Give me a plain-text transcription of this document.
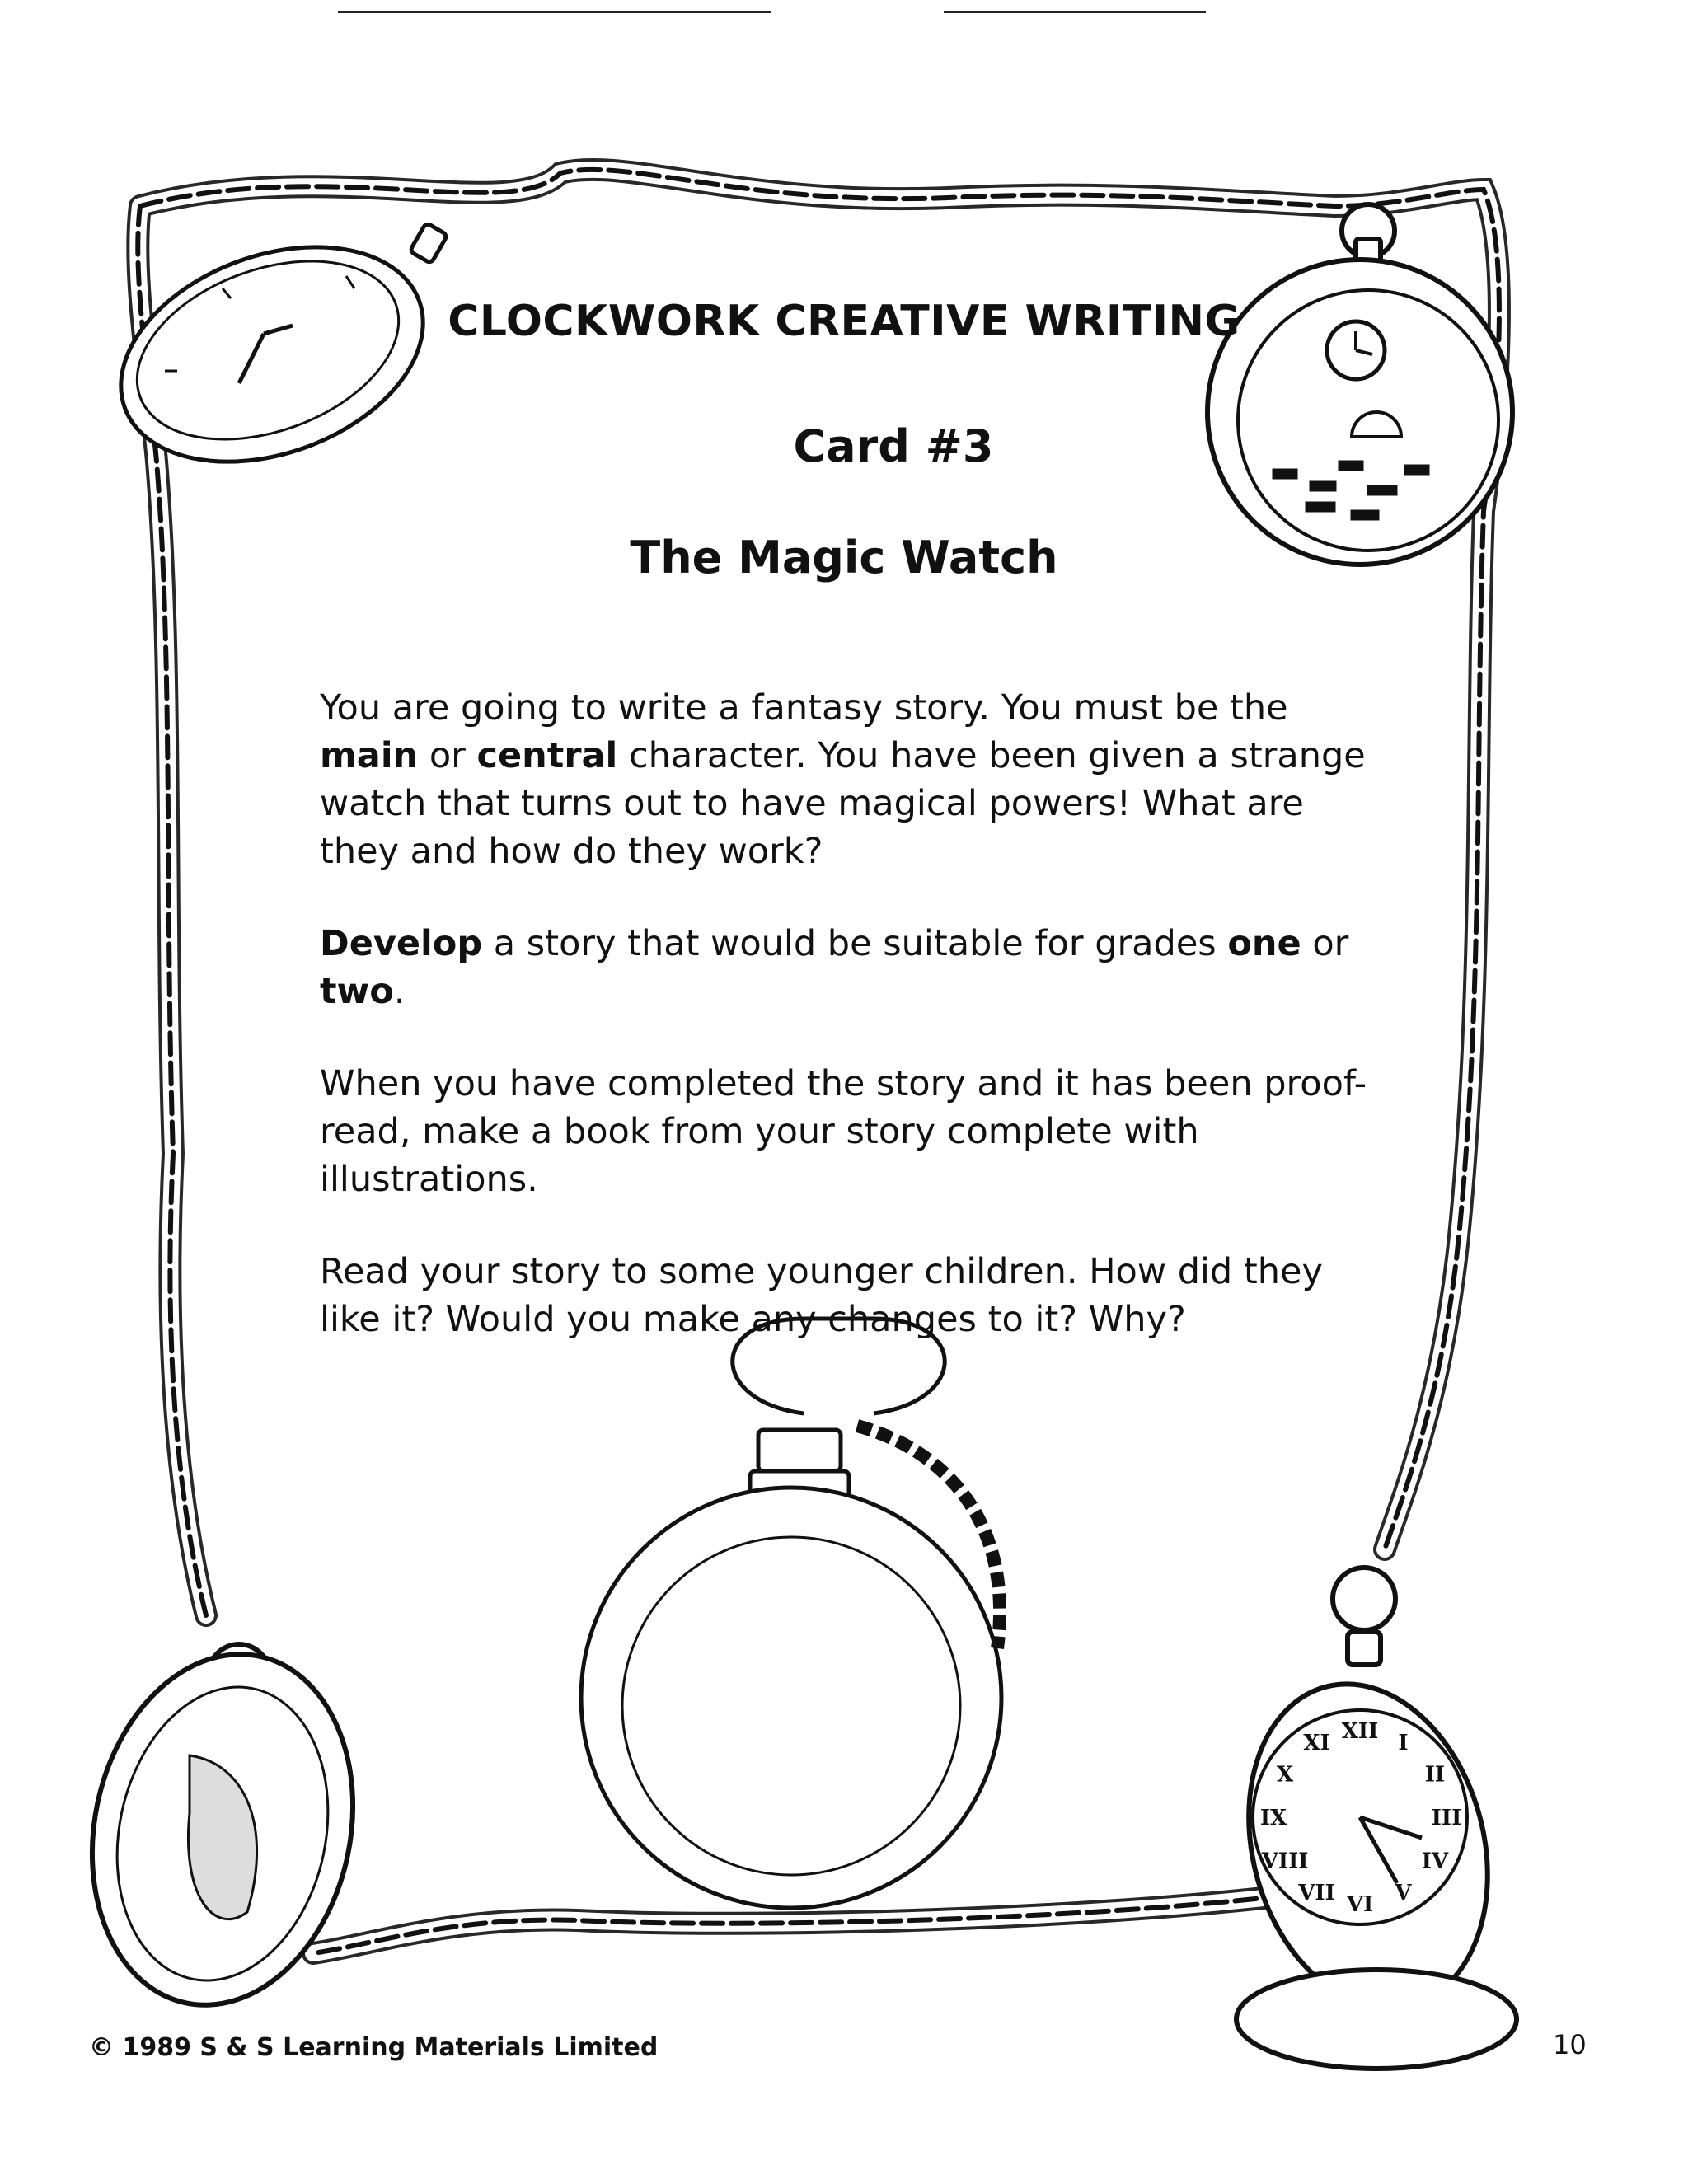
XII I
II
III
IV
V
VI
VII
VIII
IX
X
XI
CLOCKWORK CREATIVE WRITING
Card #3
The Magic Watch

You are going to write a fantasy story. You must be the main or central character. You have been given a strange watch that turns out to have magical powers! What are they and how do they work?

Develop a story that would be suitable for grades one or two.

When you have completed the story and it has been proof-read, make a book from your story complete with illustrations.

Read your story to some younger children. How did they like it? Would you make any changes to it? Why?

© 1989 S & S Learning Materials Limited	10
